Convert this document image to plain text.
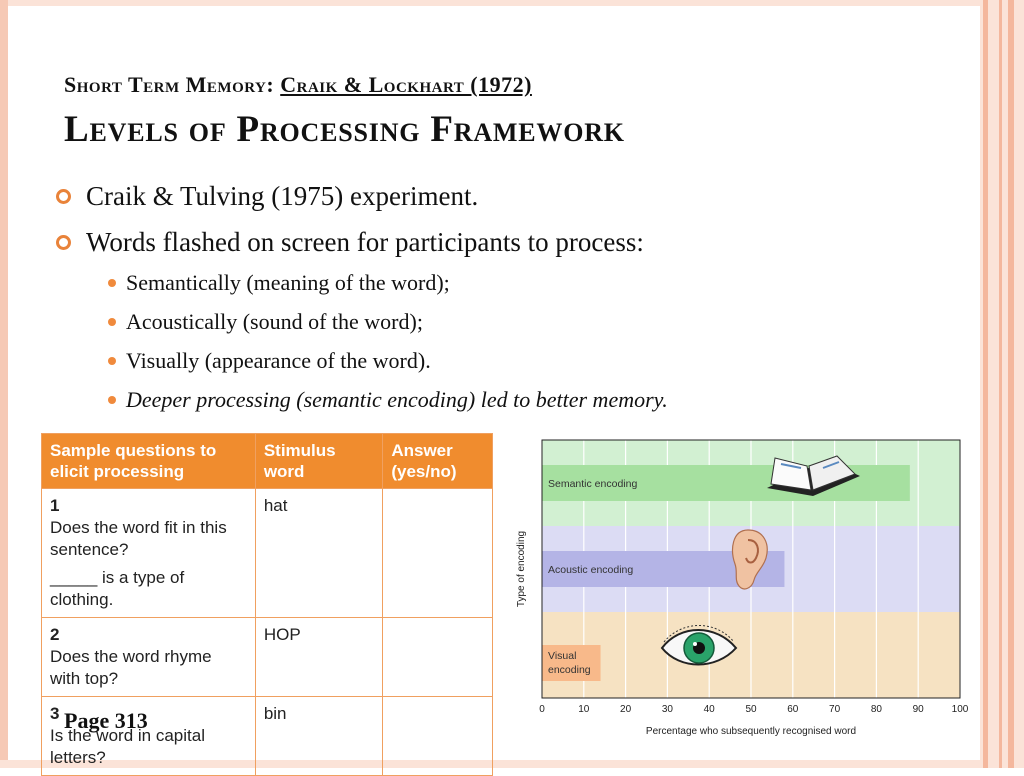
Short Term Memory: Craik & Lockhart (1972)
Levels of Processing Framework
Craik & Tulving (1975) experiment.
Words flashed on screen for participants to process:
Semantically (meaning of the word);
Acoustically (sound of the word);
Visually (appearance of the word).
Deeper processing (semantic encoding) led to better memory.
Sample questions to elicit processing	Stimulus word	Answer (yes/no)
1Does the word fit in this sentence?

_____ is a type of clothing.	hat	
2Does the word rhyme with top?	HOP	
3Is the word in capital letters?	bin	
Page 313
Semantic encoding
Acoustic encoding
Visual
encoding
0	10	20	30	40	50	60	70	80	90	100
Percentage who subsequently recognised word
Type of encoding
